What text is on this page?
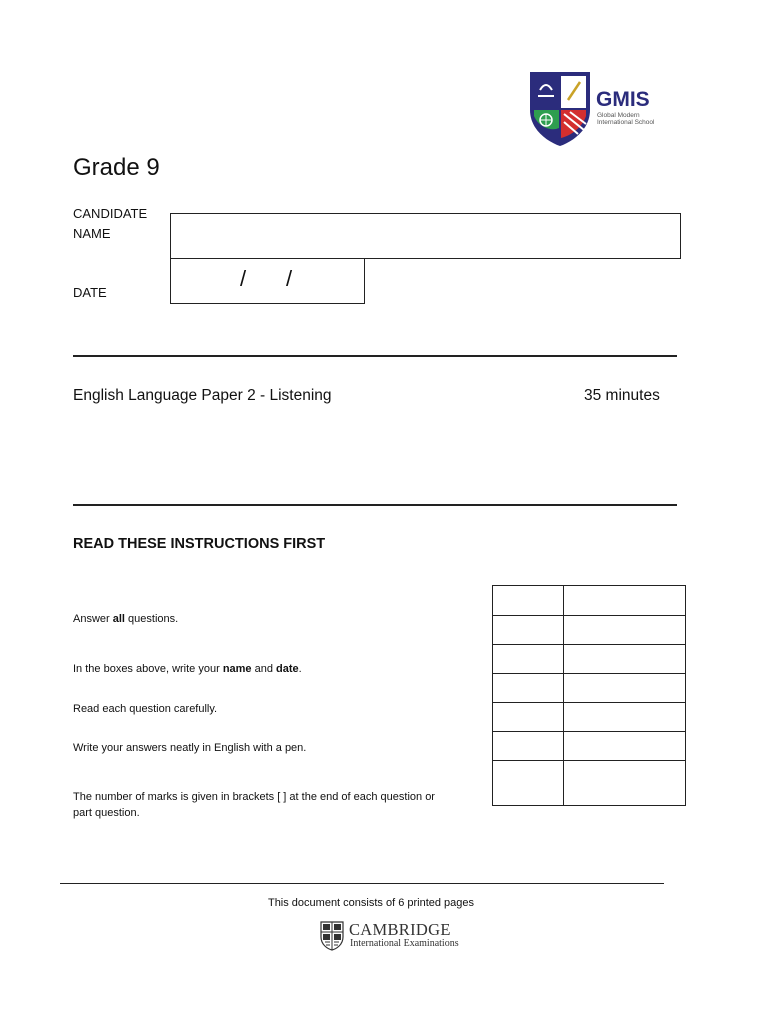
GMIS
Global Modern
International School
Grade 9
CANDIDATE
NAME
DATE
/ /
English Language Paper 2 - Listening	35 minutes
READ THESE INSTRUCTIONS FIRST
Answer all questions.
In the boxes above, write your name and date.
Read each question carefully.
Write your answers neatly in English with a pen.
The number of marks is given in brackets [ ] at the end of each question or
part question.

This document consists of 6 printed pages
CAMBRIDGE
International Examinations
